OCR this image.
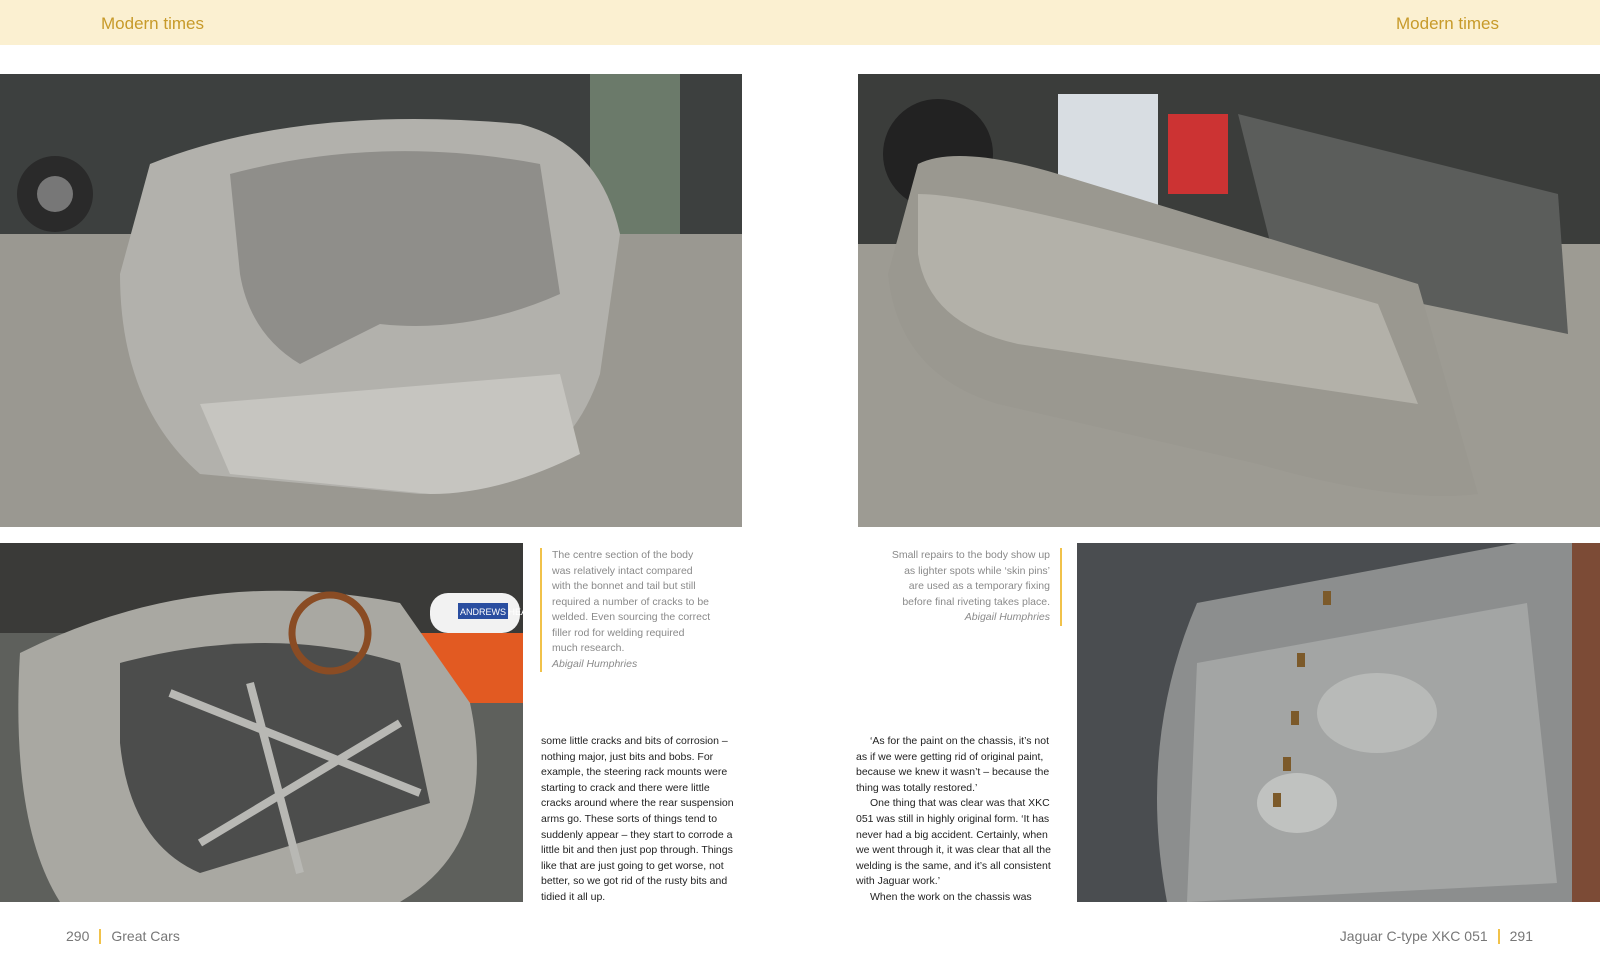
Modern times	Modern times
ANDREWS HEATING
The centre section of the body was relatively intact compared with the bonnet and tail but still required a number of cracks to be welded. Even sourcing the correct filler rod for welding required much research.
Abigail Humphries
Small repairs to the body show up as lighter spots while ‘skin pins’ are used as a temporary fixing before final riveting takes place.
Abigail Humphries

some little cracks and bits of corrosion – nothing major, just bits and bobs. For example, the steering rack mounts were starting to crack and there were little cracks around where the rear suspension arms go. These sorts of things tend to suddenly appear – they start to corrode a little bit and then just pop through. Things like that are just going to get worse, not better, so we got rid of the rusty bits and tidied it all up.

‘As for the paint on the chassis, it’s not as if we were getting rid of original paint, because we knew it wasn’t – because the thing was totally restored.’

One thing that was clear was that XKC 051 was still in highly original form. ‘It has never had a big accident. Certainly, when we went through it, it was clear that all the welding is the same, and it’s all consistent with Jaguar work.’

When the work on the chassis was

290 Great Cars	Jaguar C-type XKC 051 291
